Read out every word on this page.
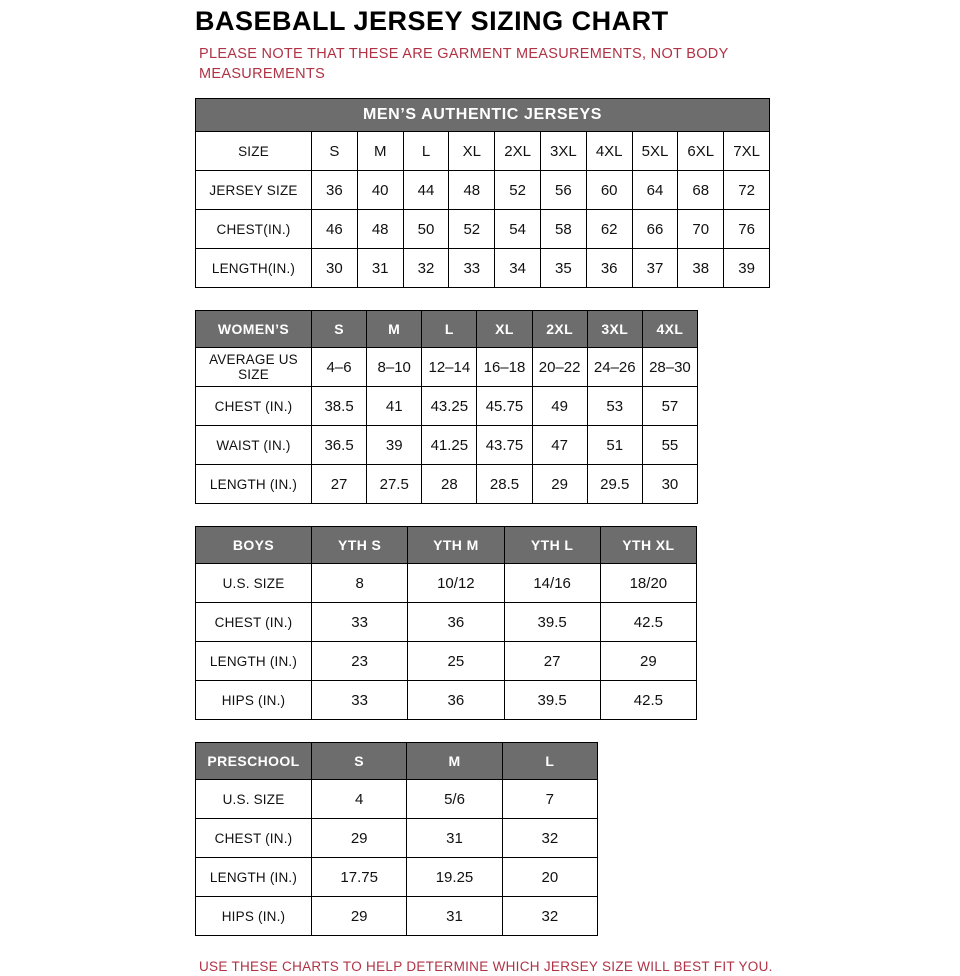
BASEBALL JERSEY SIZING CHART

PLEASE NOTE THAT THESE ARE GARMENT MEASUREMENTS, NOT BODY MEASUREMENTS

MEN’S AUTHENTIC JERSEYS										
SIZE	S	M	L	XL	2XL	3XL	4XL	5XL	6XL	7XL
JERSEY SIZE	36	40	44	48	52	56	60	64	68	72
CHEST(IN.)	46	48	50	52	54	58	62	66	70	76
LENGTH(IN.)	30	31	32	33	34	35	36	37	38	39
WOMEN’S	S	M	L	XL	2XL	3XL	4XL
AVERAGE US SIZE	4–6	8–10	12–14	16–18	20–22	24–26	28–30
CHEST (IN.)	38.5	41	43.25	45.75	49	53	57
WAIST (IN.)	36.5	39	41.25	43.75	47	51	55
LENGTH (IN.)	27	27.5	28	28.5	29	29.5	30
BOYS	YTH S	YTH M	YTH L	YTH XL
U.S. SIZE	8	10/12	14/16	18/20
CHEST (IN.)	33	36	39.5	42.5
LENGTH (IN.)	23	25	27	29
HIPS (IN.)	33	36	39.5	42.5
PRESCHOOL	S	M	L
U.S. SIZE	4	5/6	7
CHEST (IN.)	29	31	32
LENGTH (IN.)	17.75	19.25	20
HIPS (IN.)	29	31	32

USE THESE CHARTS TO HELP DETERMINE WHICH JERSEY SIZE WILL BEST FIT YOU.
